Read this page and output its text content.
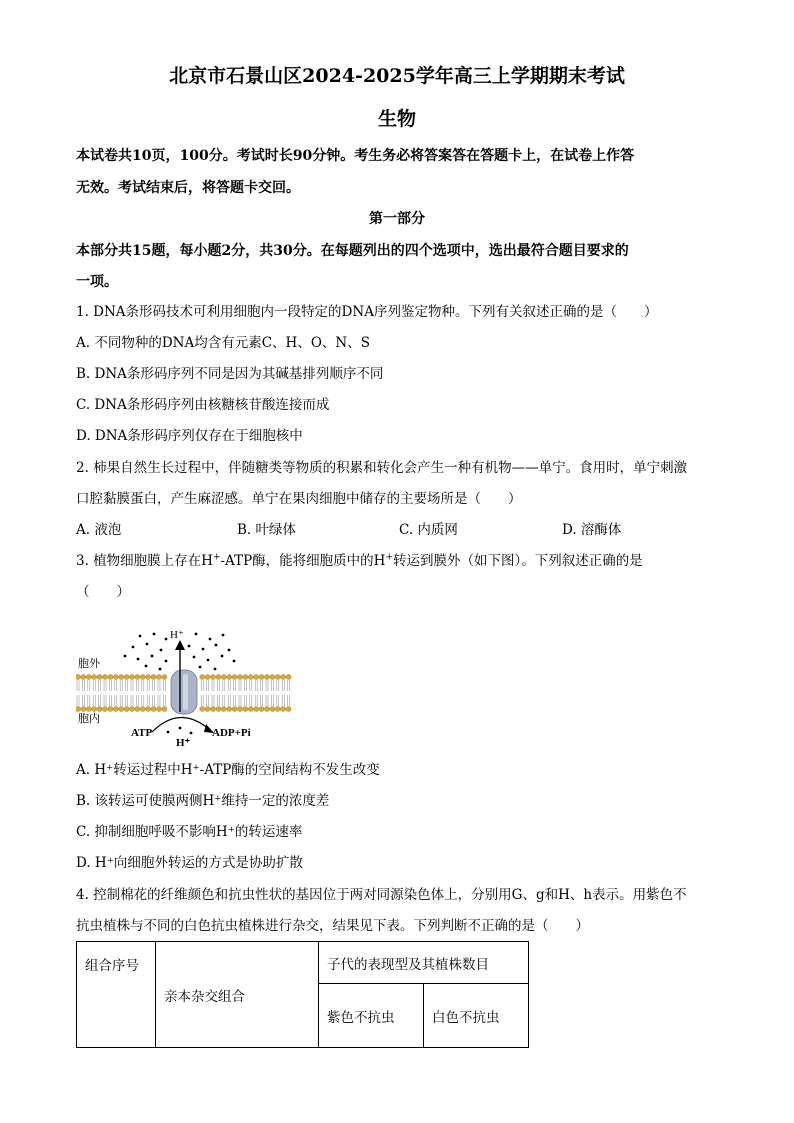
北京市石景山区2024-2025学年高三上学期期末考试
生物
本试卷共10页，100分。考试时长90分钟。考生务必将答案答在答题卡上，在试卷上作答
无效。考试结束后，将答题卡交回。
第一部分
本部分共15题，每小题2分，共30分。在每题列出的四个选项中，选出最符合题目要求的
一项。
1. DNA条形码技术可利用细胞内一段特定的DNA序列鉴定物种。下列有关叙述正确的是（　　）
A. 不同物种的DNA均含有元素C、H、O、N、S
B. DNA条形码序列不同是因为其碱基排列顺序不同
C. DNA条形码序列由核糖核苷酸连接而成
D. DNA条形码序列仅存在于细胞核中
2. 柿果自然生长过程中，伴随糖类等物质的积累和转化会产生一种有机物——单宁。食用时，单宁刺激
口腔黏膜蛋白，产生麻涩感。单宁在果肉细胞中储存的主要场所是（　　）
A. 液泡	B. 叶绿体	C. 内质网	D. 溶酶体
3. 植物细胞膜上存在H+-ATP酶，能将细胞质中的H+转运到膜外（如下图）。下列叙述正确的是
（　　）
H⁺
胞外
胞内
ATP	ADP+Pi
H⁺
A. H⁺转运过程中H⁺-ATP酶的空间结构不发生改变
B. 该转运可使膜两侧H⁺维持一定的浓度差
C. 抑制细胞呼吸不影响H⁺的转运速率
D. H⁺向细胞外转运的方式是协助扩散
4. 控制棉花的纤维颜色和抗虫性状的基因位于两对同源染色体上，分别用G、g和H、h表示。用紫色不
抗虫植株与不同的白色抗虫植株进行杂交，结果见下表。下列判断不正确的是（　　）
组合序号	亲本杂交组合	子代的表现型及其植株数目	
		紫色不抗虫	白色不抗虫
